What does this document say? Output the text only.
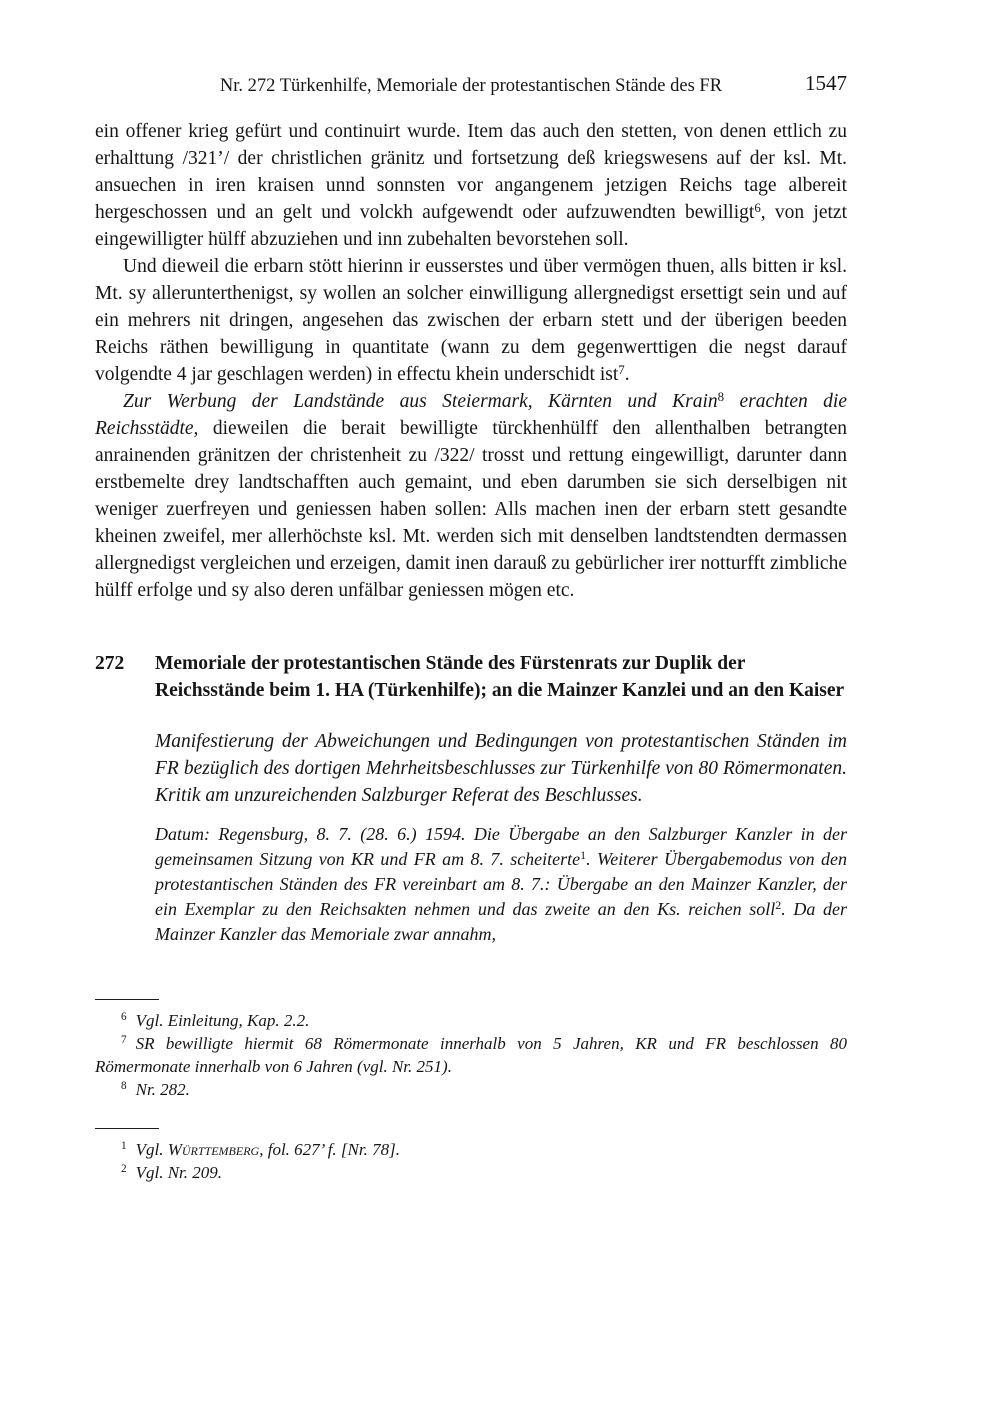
Nr. 272 Türkenhilfe, Memoriale der protestantischen Stände des FR	1547

ein offener krieg gefürt und continuirt wurde. Item das auch den stetten, von denen ettlich zu erhalttung /321’/ der christlichen gränitz und fortsetzung deß kriegswesens auf der ksl. Mt. ansuechen in iren kraisen unnd sonnsten vor angangenem jetzigen Reichs tage albereit hergeschossen und an gelt und volckh aufgewendt oder aufzuwendten bewilligt$^6$, von jetzt eingewilligter hülff abzuziehen und inn zubehalten bevorstehen soll.

Und dieweil die erbarn stött hierinn ir eusserstes und über vermögen thuen, alls bitten ir ksl. Mt. sy allerunterthenigst, sy wollen an solcher einwilligung allergnedigst ersettigt sein und auf ein mehrers nit dringen, angesehen das zwischen der erbarn stett und der überigen beeden Reichs räthen bewilligung in quantitate (wann zu dem gegenwerttigen die negst darauf volgendte 4 jar geschlagen werden) in effectu khein underschidt ist$^7$.

Zur Werbung der Landstände aus Steiermark, Kärnten und Krain$^8$ erachten die Reichsstädte, dieweilen die berait bewilligte türckhenhülff den allenthalben betrangten anrainenden gränitzen der christenheit zu /322/ trosst und rettung eingewilligt, darunter dann erstbemelte drey landtschafften auch gemaint, und eben darumben sie sich derselbigen nit weniger zuerfreyen und geniessen haben sollen: Alls machen inen der erbarn stett gesandte kheinen zweifel, mer allerhöchste ksl. Mt. werden sich mit denselben landtstendten dermassen allergnedigst vergleichen und erzeigen, damit inen darauß zu gebürlicher irer notturfft zimbliche hülff erfolge und sy also deren unfälbar geniessen mögen etc.

272 Memoriale der protestantischen Stände des Fürstenrats zur Duplik der Reichsstände beim 1. HA (Türkenhilfe); an die Mainzer Kanzlei und an den Kaiser

Manifestierung der Abweichungen und Bedingungen von protestantischen Ständen im FR bezüglich des dortigen Mehrheitsbeschlusses zur Türkenhilfe von 80 Römermonaten. Kritik am unzureichenden Salzburger Referat des Beschlusses.

Datum: Regensburg, 8. 7. (28. 6.) 1594. Die Übergabe an den Salzburger Kanzler in der gemeinsamen Sitzung von KR und FR am 8. 7. scheiterte$^1$. Weiterer Übergabemodus von den protestantischen Ständen des FR vereinbart am 8. 7.: Übergabe an den Mainzer Kanzler, der ein Exemplar zu den Reichsakten nehmen und das zweite an den Ks. reichen soll$^2$. Da der Mainzer Kanzler das Memoriale zwar annahm,

$^6$ Vgl. Einleitung, Kap. 2.2.

$^7$ SR bewilligte hiermit 68 Römermonate innerhalb von 5 Jahren, KR und FR beschlossen 80 Römermonate innerhalb von 6 Jahren (vgl. Nr. 251).

$^8$ Nr. 282.

$^1$ Vgl. Württemberg, fol. 627’ f. [Nr. 78].

$^2$ Vgl. Nr. 209.
